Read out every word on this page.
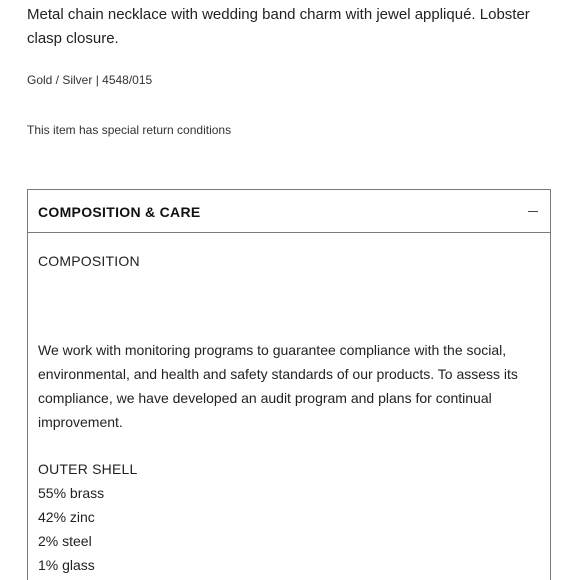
Metal chain necklace with wedding band charm with jewel appliqué. Lobster clasp closure.

Gold / Silver | 4548/015

This item has special return conditions

COMPOSITION & CARE

COMPOSITION

We work with monitoring programs to guarantee compliance with the social, environmental, and health and safety standards of our products. To assess its compliance, we have developed an audit program and plans for continual improvement.

OUTER SHELL
55% brass
42% zinc
2% steel
1% glass
